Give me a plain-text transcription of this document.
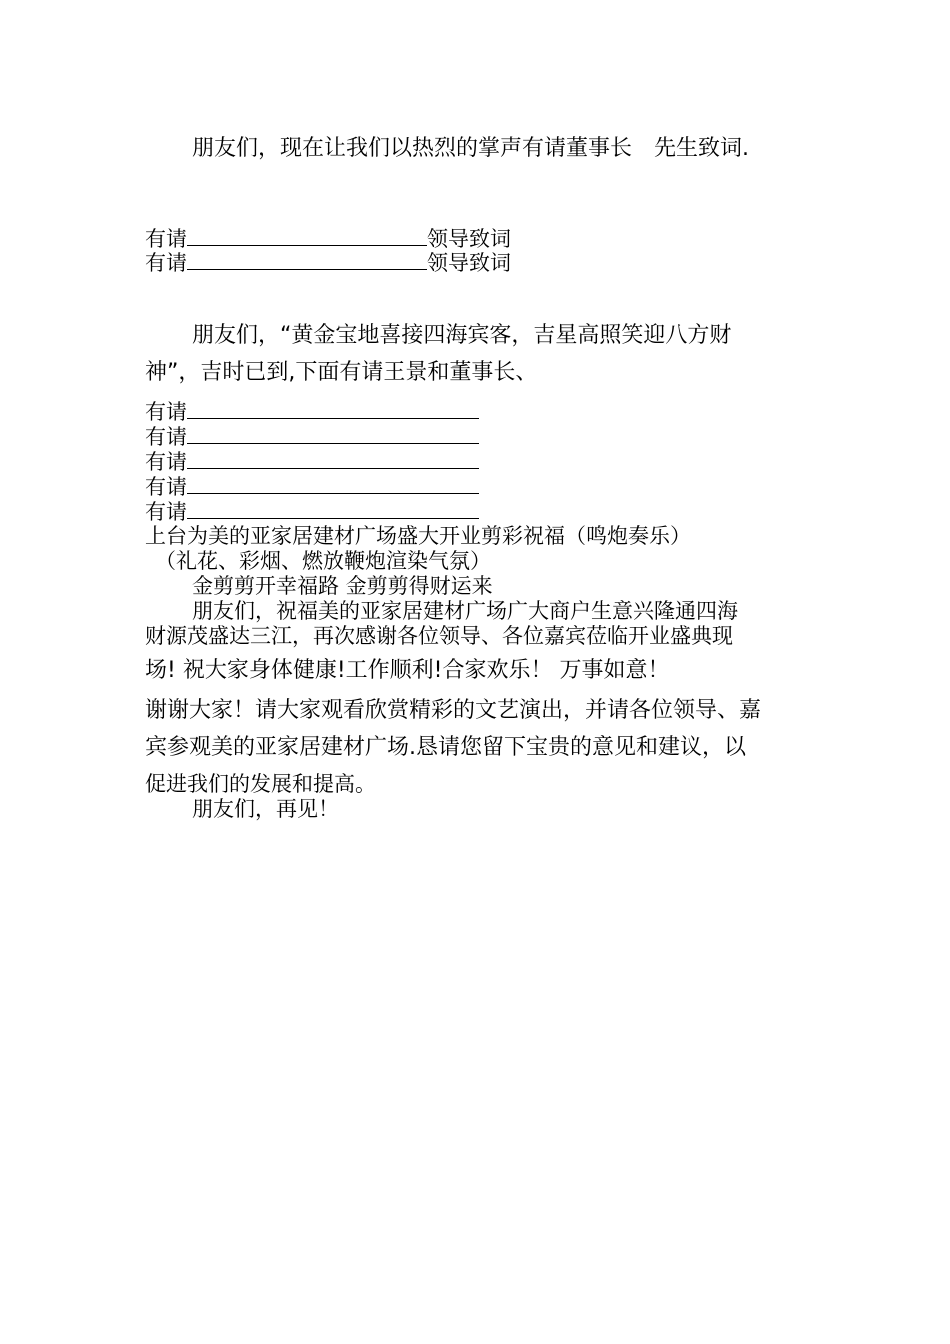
朋友们，现在让我们以热烈的掌声有请董事长　先生致词.
有请	领导致词
有请	领导致词
朋友们，“黄金宝地喜接四海宾客，吉星高照笑迎八方财
神”，吉时已到,下面有请王景和董事长、
有请
有请
有请
有请
有请
上台为美的亚家居建材广场盛大开业剪彩祝福（鸣炮奏乐）
（礼花、彩烟、燃放鞭炮渲染气氛）
金剪剪开幸福路 金剪剪得财运来
朋友们，祝福美的亚家居建材广场广大商户生意兴隆通四海
财源茂盛达三江，再次感谢各位领导、各位嘉宾莅临开业盛典现
场! 祝大家身体健康!工作顺利!合家欢乐！ 万事如意！
谢谢大家！请大家观看欣赏精彩的文艺演出，并请各位领导、嘉
宾参观美的亚家居建材广场.恳请您留下宝贵的意见和建议，以
促进我们的发展和提高。
朋友们，再见！
